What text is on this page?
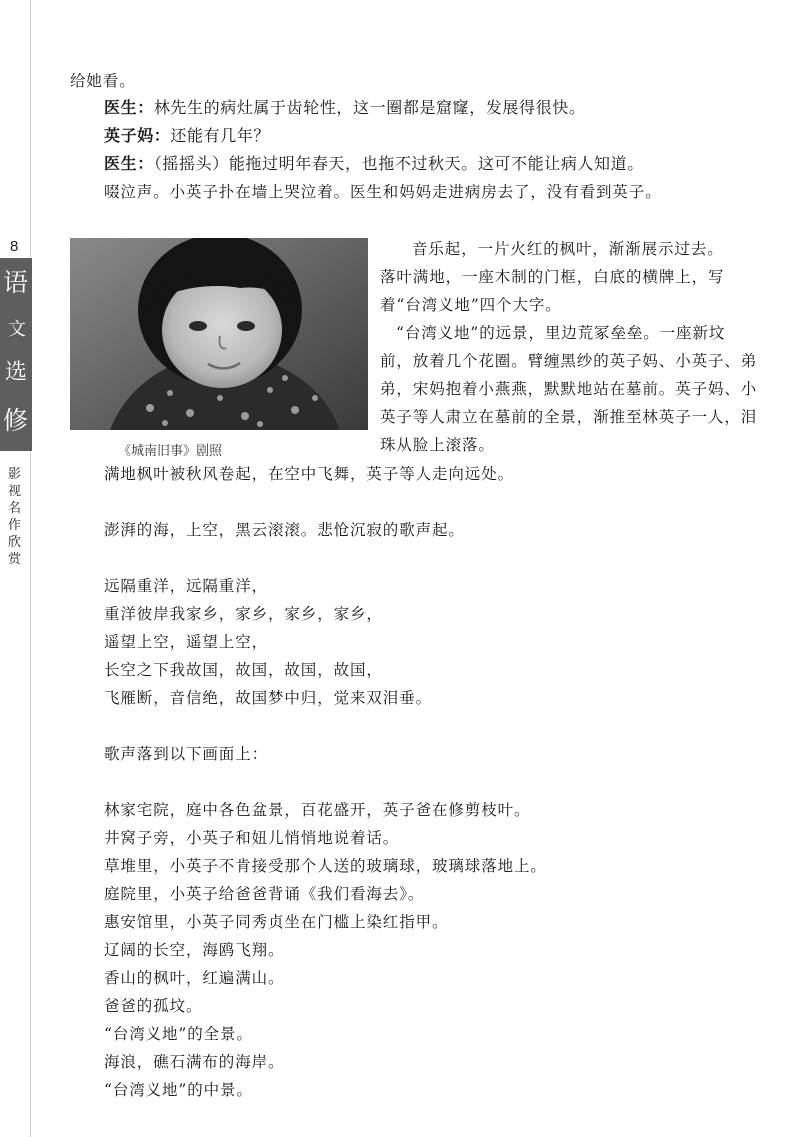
8
语
文
选
修
影视名作欣赏
给她看。
医生：林先生的病灶属于齿轮性，这一圈都是窟窿，发展得很快。
英子妈：还能有几年？
医生：（摇摇头）能拖过明年春天，也拖不过秋天。这可不能让病人知道。
啜泣声。小英子扑在墙上哭泣着。医生和妈妈走进病房去了，没有看到英子。
《城南旧事》剧照
音乐起，一片火红的枫叶，渐渐展示过去。
落叶满地，一座木制的门框，白底的横牌上，写
着“台湾义地”四个大字。
“台湾义地”的远景，里边荒冢垒垒。一座新坟
前，放着几个花圈。臂缠黑纱的英子妈、小英子、弟
弟，宋妈抱着小燕燕，默默地站在墓前。英子妈、小
英子等人肃立在墓前的全景，渐推至林英子一人，泪
珠从脸上滚落。
满地枫叶被秋风卷起，在空中飞舞，英子等人走向远处。
澎湃的海，上空，黑云滚滚。悲怆沉寂的歌声起。
远隔重洋，远隔重洋，
重洋彼岸我家乡，家乡，家乡，家乡，
遥望上空，遥望上空，
长空之下我故国，故国，故国，故国，
飞雁断，音信绝，故国梦中归，觉来双泪垂。
歌声落到以下画面上：
林家宅院，庭中各色盆景，百花盛开，英子爸在修剪枝叶。
井窝子旁，小英子和妞儿悄悄地说着话。
草堆里，小英子不肯接受那个人送的玻璃球，玻璃球落地上。
庭院里，小英子给爸爸背诵《我们看海去》。
惠安馆里，小英子同秀贞坐在门槛上染红指甲。
辽阔的长空，海鸥飞翔。
香山的枫叶，红遍满山。
爸爸的孤坟。
“台湾义地”的全景。
海浪，礁石满布的海岸。
“台湾义地”的中景。
